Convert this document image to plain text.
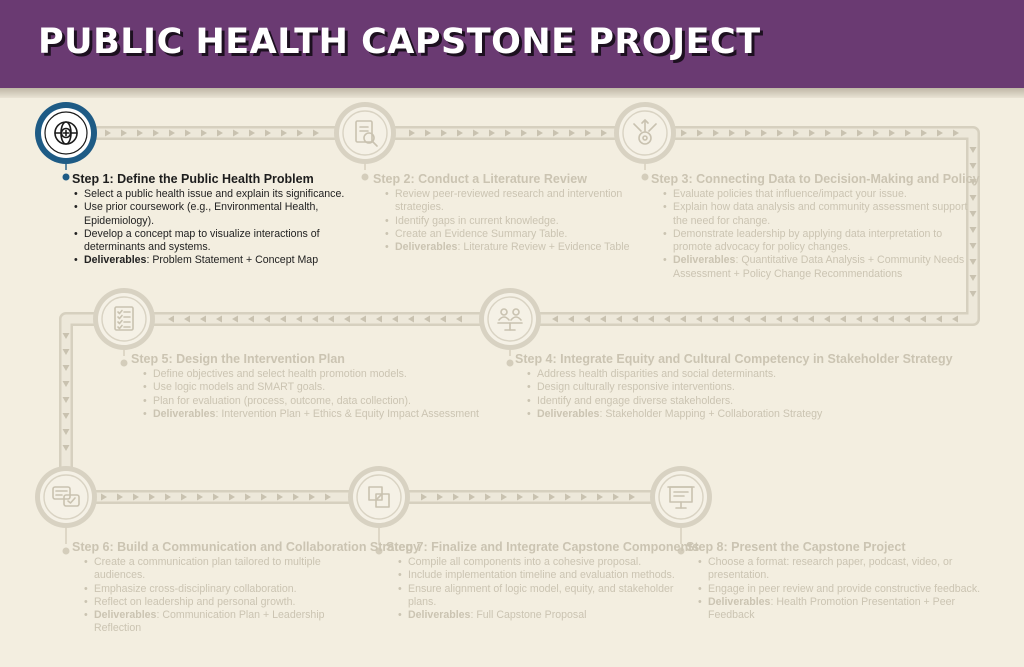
PUBLIC HEALTH CAPSTONE PROJECT
Step 1: Define the Public Health Problem
• Select a public health issue and explain its significance.
• Use prior coursework (e.g., Environmental Health, Epidemiology).
• Develop a concept map to visualize interactions of determinants and systems.
• Deliverables: Problem Statement + Concept Map
Step 2: Conduct a Literature Review
• Review peer-reviewed research and intervention strategies.
• Identify gaps in current knowledge.
• Create an Evidence Summary Table.
• Deliverables: Literature Review + Evidence Table
Step 3: Connecting Data to Decision-Making and Policy
• Evaluate policies that influence/impact your issue.
• Explain how data analysis and community assessment support the need for change.
• Demonstrate leadership by applying data interpretation to promote advocacy for policy changes.
• Deliverables: Quantitative Data Analysis + Community Needs Assessment + Policy Change Recommendations
Step 5: Design the Intervention Plan
• Define objectives and select health promotion models.
• Use logic models and SMART goals.
• Plan for evaluation (process, outcome, data collection).
• Deliverables: Intervention Plan + Ethics & Equity Impact Assessment
Step 4: Integrate Equity and Cultural Competency in Stakeholder Strategy
• Address health disparities and social determinants.
• Design culturally responsive interventions.
• Identify and engage diverse stakeholders.
• Deliverables: Stakeholder Mapping + Collaboration Strategy
Step 6: Build a Communication and Collaboration Strategy
• Create a communication plan tailored to multiple audiences.
• Emphasize cross-disciplinary collaboration.
• Reflect on leadership and personal growth.
• Deliverables: Communication Plan + Leadership Reflection
Step 7: Finalize and Integrate Capstone Components
• Compile all components into a cohesive proposal.
• Include implementation timeline and evaluation methods.
• Ensure alignment of logic model, equity, and stakeholder plans.
• Deliverables: Full Capstone Proposal
Step 8: Present the Capstone Project
• Choose a format: research paper, podcast, video, or presentation.
• Engage in peer review and provide constructive feedback.
• Deliverables: Health Promotion Presentation + Peer Feedback
